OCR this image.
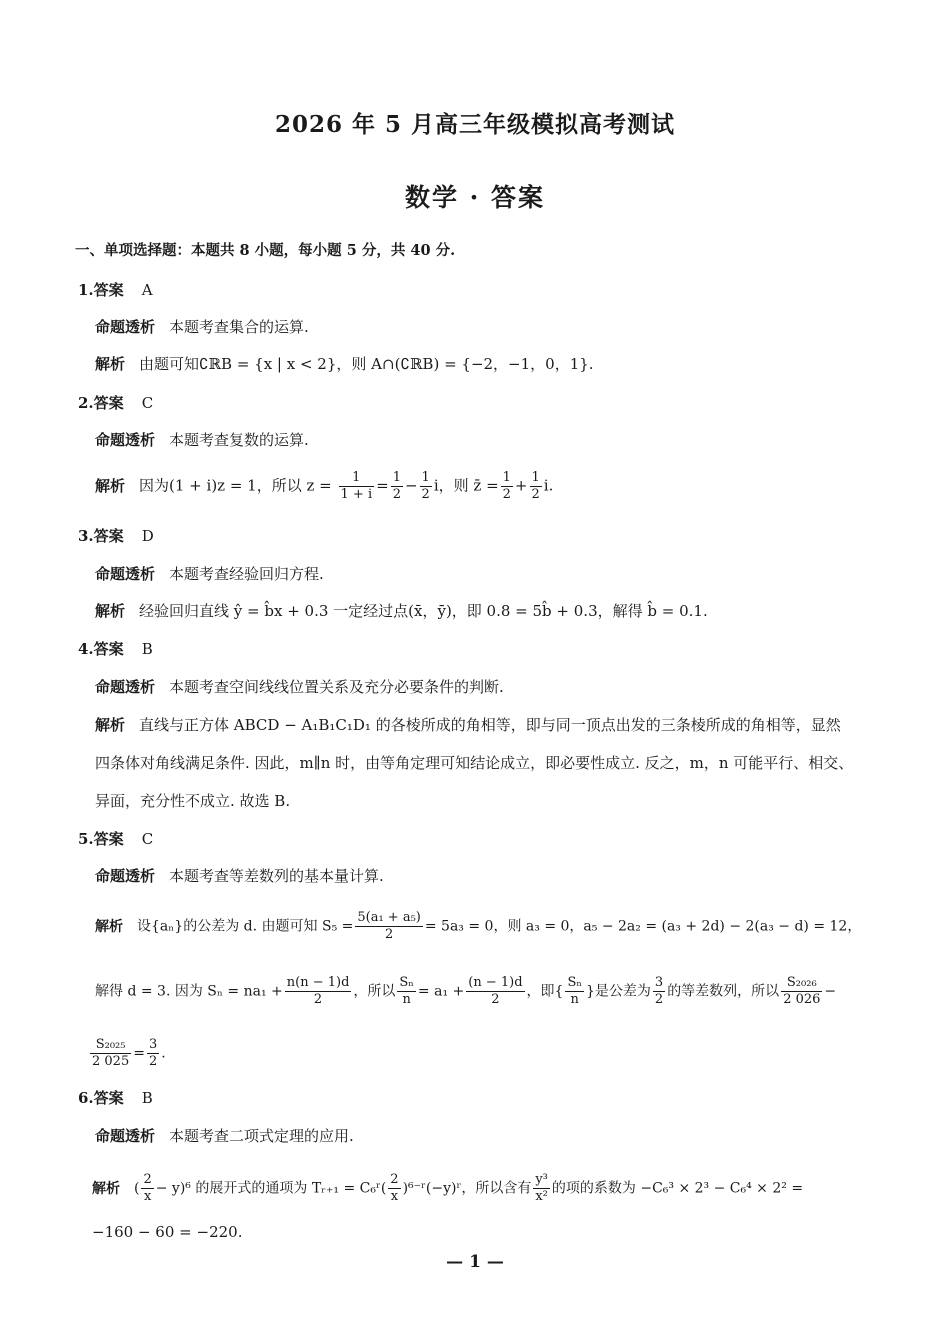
2026 年 5 月高三年级模拟高考测试
数学 · 答案
一、单项选择题：本题共 8 小题，每小题 5 分，共 40 分.
1.答案 A
命题透析 本题考查集合的运算.
解析 由题可知∁ℝB = {x | x < 2}，则 A∩(∁ℝB) = {−2，−1，0，1}.
2.答案 C
命题透析 本题考查复数的运算.
解析 因为(1 + i)z = 1，所以 $z = \frac{1}{1 + i} = \frac{1}{2} - \frac{1}{2}$ i，则 z̄ = $\frac{1}{2} + \frac{1}{2} i$.
3.答案 D
命题透析 本题考查经验回归方程.
解析 经验回归直线 ŷ = b̂x + 0.3 一定经过点(x̄，ȳ)，即 0.8 = 5b̂ + 0.3，解得 b̂ = 0.1.
4.答案 B
命题透析 本题考查空间线线位置关系及充分必要条件的判断.
解析 直线与正方体 ABCD − A₁B₁C₁D₁ 的各棱所成的角相等，即与同一顶点出发的三条棱所成的角相等，显然
四条体对角线满足条件. 因此，m∥n 时，由等角定理可知结论成立，即必要性成立. 反之，m，n 可能平行、相交、
异面，充分性不成立. 故选 B.
5.答案 C
命题透析 本题考查等差数列的基本量计算.
解析 设{aₙ}的公差为 d. 由题可知 $S_5 = \frac{\text{5(a₁ + a₅)}}{2} = 5a_3 = 0$，则 a₃ = 0，a₅ − 2a₂ = (a₃ + 2d) − 2(a₃ − d) = 12，
解得 d = 3. 因为 $S_n = na_1 + \frac{n(n - 1)d}{2}$ ，所以 $\frac{\text{Sₙ}}{n} = a_1 + \frac{(n - 1)d}{2}$ ，即{ $\frac{\text{Sₙ}}{n}$ }是公差为 $\frac{3}{2}$ 的等差数列，所以 $\frac{\text{S₂₀₂₆}}{2 026}$ −
$\frac{\text{S₂₀₂₅}}{2 025} = \frac{3}{2}$ .
6.答案 B
命题透析 本题考查二项式定理的应用.
解析 ( $\frac{2}{x} - y)^6$ 的展开式的通项为 Tᵣ₊₁ = C₆ʳ( $\frac{2}{x}$ )⁶⁻ʳ(−y)ʳ，所以含有 $\frac{\text{y³}}{\text{x²}}$ 的项的系数为 −C₆³ × 2³ − C₆⁴ × 2² =
−160 − 60 = −220.
— 1 —
